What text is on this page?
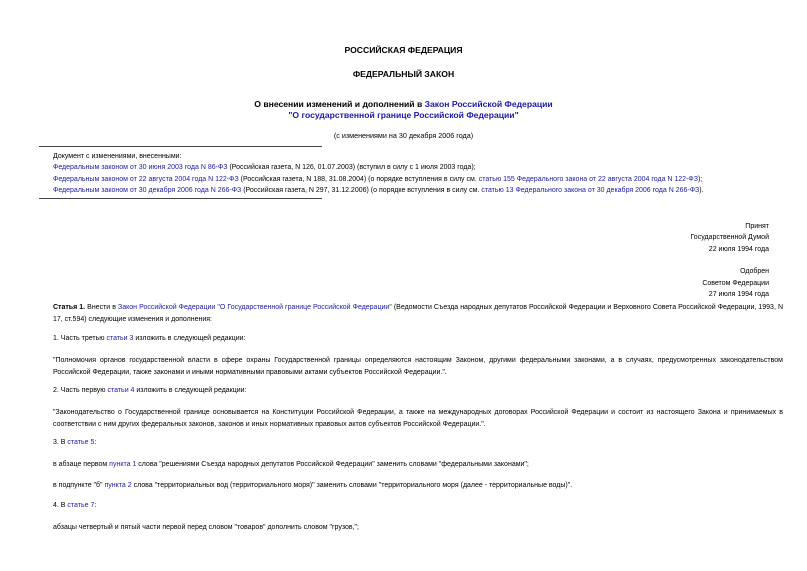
РОССИЙСКАЯ ФЕДЕРАЦИЯ
ФЕДЕРАЛЬНЫЙ ЗАКОН
О внесении изменений и дополнений в Закон Российской Федерации
"О государственной границе Российской Федерации"
(с изменениями на 30 декабря 2006 года)
Документ с изменениями, внесенными:
Федеральным законом от 30 июня 2003 года N 86-ФЗ (Российская газета, N 126, 01.07.2003) (вступил в силу с 1 июля 2003 года);
Федеральным законом от 22 августа 2004 года N 122-ФЗ (Российская газета, N 188, 31.08.2004) (о порядке вступления в силу см. статью 155 Федерального закона от 22 августа 2004 года N 122-ФЗ);
Федеральным законом от 30 декабря 2006 года N 266-ФЗ (Российская газета, N 297, 31.12.2006) (о порядке вступления в силу см. статью 13 Федерального закона от 30 декабря 2006 года N 266-ФЗ).
Принят
Государственной Думой
22 июля 1994 года
Одобрен
Советом Федерации
27 июля 1994 года
Статья 1. Внести в Закон Российской Федерации "О Государственной границе Российской Федерации" (Ведомости Съезда народных депутатов Российской Федерации и Верховного Совета Российской Федерации, 1993, N 17, ст.594) следующие изменения и дополнения:
1. Часть третью статьи 3 изложить в следующей редакции:
"Полномочия органов государственной власти в сфере охраны Государственной границы определяются настоящим Законом, другими федеральными законами, а в случаях, предусмотренных законодательством Российской Федерации, также законами и иными нормативными правовыми актами субъектов Российской Федерации.".
2. Часть первую статьи 4 изложить в следующей редакции:
"Законодательство о Государственной границе основывается на Конституции Российской Федерации, а также на международных договорах Российской Федерации и состоит из настоящего Закона и принимаемых в соответствии с ним других федеральных законов, законов и иных нормативных правовых актов субъектов Российской Федерации.".
3. В статье 5:
в абзаце первом пункта 1 слова "решениями Съезда народных депутатов Российской Федерации" заменить словами "федеральными законами";
в подпункте "б" пункта 2 слова "территориальных вод (территориального моря)" заменить словами "территориального моря (далее - территориальные воды)".
4. В статье 7:
абзацы четвертый и пятый части первой перед словом "товаров" дополнить словом "грузов,";
